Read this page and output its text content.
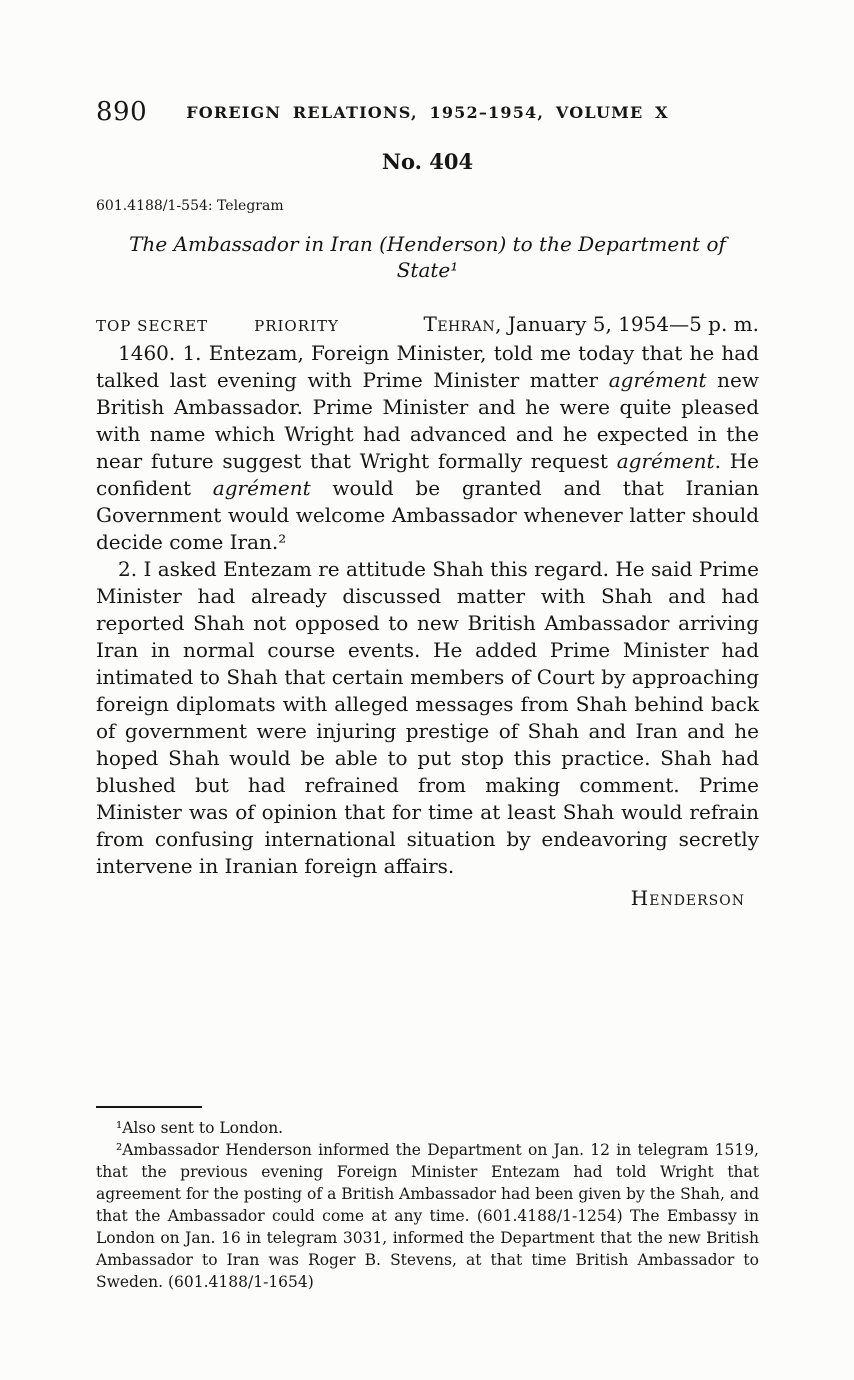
890	FOREIGN RELATIONS, 1952–1954, VOLUME X
No. 404
601.4188/1-554: Telegram
The Ambassador in Iran (Henderson) to the Department of State¹
TOP SECRET	PRIORITY	Tehran, January 5, 1954—5 p. m.

1460. 1. Entezam, Foreign Minister, told me today that he had talked last evening with Prime Minister matter agrément new British Ambassador. Prime Minister and he were quite pleased with name which Wright had advanced and he expected in the near future suggest that Wright formally request agrément. He confident agrément would be granted and that Iranian Government would welcome Ambassador whenever latter should decide come Iran.²

2. I asked Entezam re attitude Shah this regard. He said Prime Minister had already discussed matter with Shah and had reported Shah not opposed to new British Ambassador arriving Iran in normal course events. He added Prime Minister had intimated to Shah that certain members of Court by approaching foreign diplomats with alleged messages from Shah behind back of government were injuring prestige of Shah and Iran and he hoped Shah would be able to put stop this practice. Shah had blushed but had refrained from making comment. Prime Minister was of opinion that for time at least Shah would refrain from confusing international situation by endeavoring secretly intervene in Iranian foreign affairs.

Henderson

¹Also sent to London.

²Ambassador Henderson informed the Department on Jan. 12 in telegram 1519, that the previous evening Foreign Minister Entezam had told Wright that agreement for the posting of a British Ambassador had been given by the Shah, and that the Ambassador could come at any time. (601.4188/1-1254) The Embassy in London on Jan. 16 in telegram 3031, informed the Department that the new British Ambassador to Iran was Roger B. Stevens, at that time British Ambassador to Sweden. (601.4188/1-1654)
